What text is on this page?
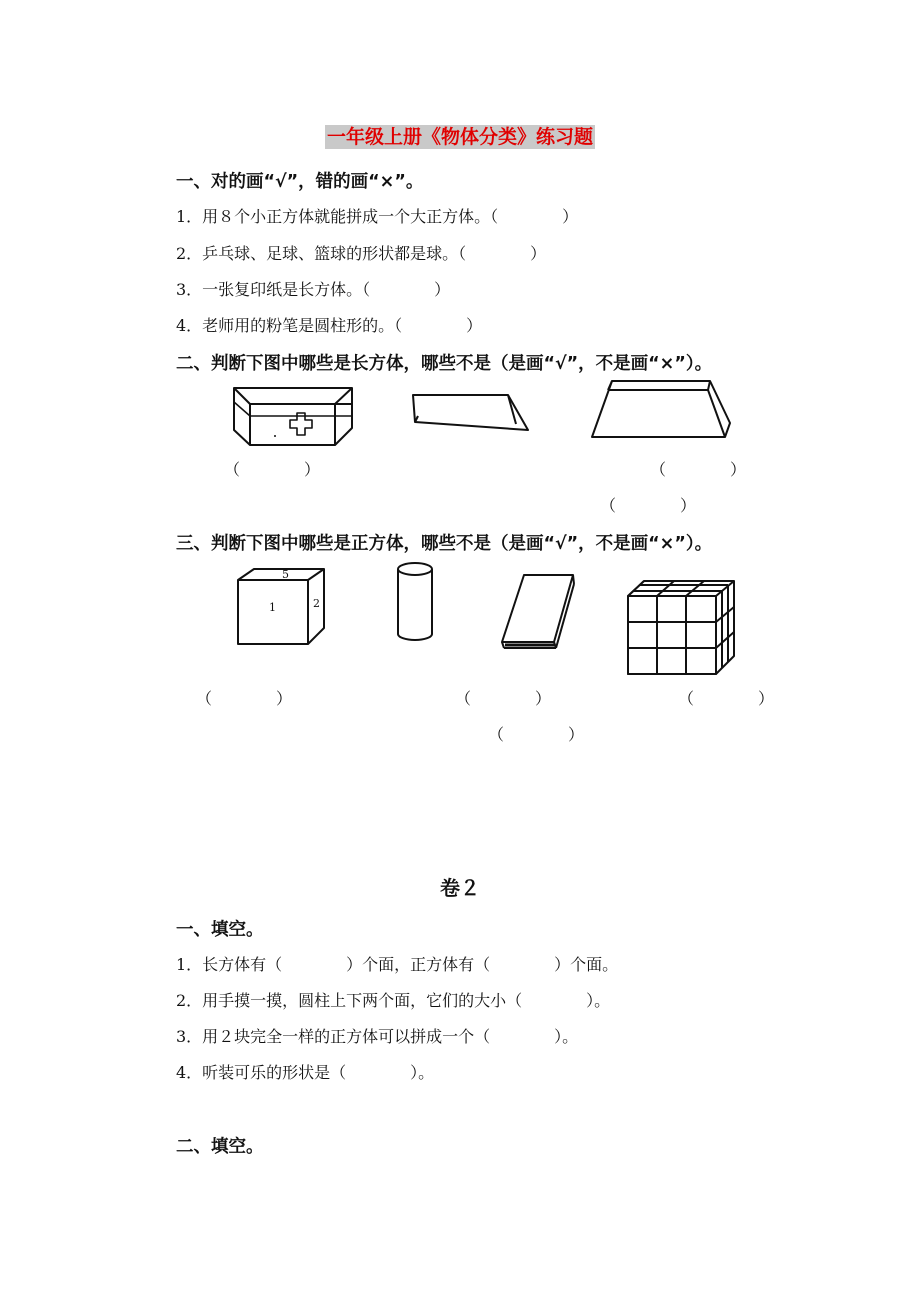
一年级上册《物体分类》练习题
一、对的画“√”，错的画“×”。
1．用８个小正方体就能拼成一个大正方体。（　　　　）
2．乒乓球、足球、篮球的形状都是球。（　　　　）
3．一张复印纸是长方体。（　　　　）
4．老师用的粉笔是圆柱形的。（　　　　）
二、判断下图中哪些是长方体，哪些不是（是画“√”，不是画“×”）。
（　　　　）	（　　　　）
（　　　　）
三、判断下图中哪些是正方体，哪些不是（是画“√”，不是画“×”）。
5
1	2
（　　　　）	（　　　　）	（　　　　）
（　　　　）
卷２
一、填空。
1．长方体有（　　　　）个面，正方体有（　　　　）个面。
2．用手摸一摸，圆柱上下两个面，它们的大小（　　　　）。
3．用２块完全一样的正方体可以拼成一个（　　　　）。
4．听装可乐的形状是（　　　　）。
二、填空。
